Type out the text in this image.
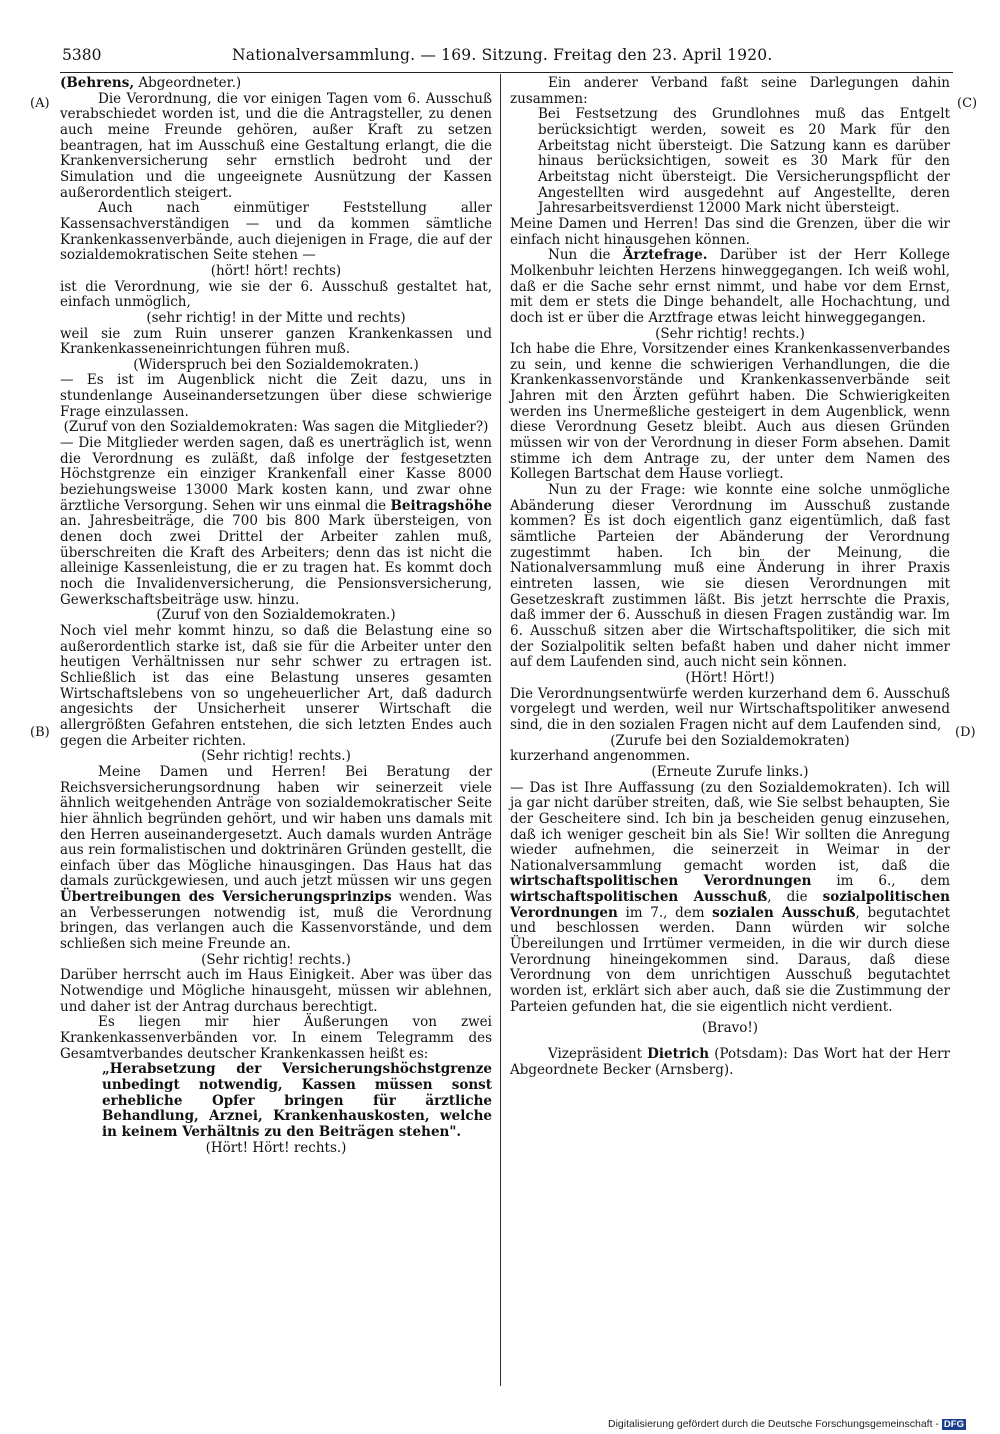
5380	Nationalversammlung. — 169. Sitzung. Freitag den 23. April 1920.
(A)
(B)
(C)
(D)

(Behrens, Abgeordneter.)

Die Verordnung, die vor einigen Tagen vom 6. Ausschuß verabschiedet worden ist, und die die Antragsteller, zu denen auch meine Freunde gehören, außer Kraft zu setzen beantragen, hat im Ausschuß eine Gestaltung erlangt, die die Krankenversicherung sehr ernstlich bedroht und der Simulation und die ungeeignete Ausnützung der Kassen außerordentlich steigert.

Auch nach einmütiger Feststellung aller Kassensachverständigen — und da kommen sämtliche Krankenkassenverbände, auch diejenigen in Frage, die auf der sozialdemokratischen Seite stehen —

(hört! hört! rechts)

ist die Verordnung, wie sie der 6. Ausschuß gestaltet hat, einfach unmöglich,

(sehr richtig! in der Mitte und rechts)

weil sie zum Ruin unserer ganzen Krankenkassen und Krankenkasseneinrichtungen führen muß.

(Widerspruch bei den Sozialdemokraten.)

— Es ist im Augenblick nicht die Zeit dazu, uns in stundenlange Auseinandersetzungen über diese schwierige Frage einzulassen.

(Zuruf von den Sozialdemokraten: Was sagen die Mitglieder?)

— Die Mitglieder werden sagen, daß es unerträglich ist, wenn die Verordnung es zuläßt, daß infolge der festgesetzten Höchstgrenze ein einziger Krankenfall einer Kasse 8000 beziehungsweise 13000 Mark kosten kann, und zwar ohne ärztliche Versorgung. Sehen wir uns einmal die Beitragshöhe an. Jahresbeiträge, die 700 bis 800 Mark übersteigen, von denen doch zwei Drittel der Arbeiter zahlen muß, überschreiten die Kraft des Arbeiters; denn das ist nicht die alleinige Kassenleistung, die er zu tragen hat. Es kommt doch noch die Invalidenversicherung, die Pensionsversicherung, Gewerkschaftsbeiträge usw. hinzu.

(Zuruf von den Sozialdemokraten.)

Noch viel mehr kommt hinzu, so daß die Belastung eine so außerordentlich starke ist, daß sie für die Arbeiter unter den heutigen Verhältnissen nur sehr schwer zu ertragen ist. Schließlich ist das eine Belastung unseres gesamten Wirtschaftslebens von so ungeheuerlicher Art, daß dadurch angesichts der Unsicherheit unserer Wirtschaft die allergrößten Gefahren entstehen, die sich letzten Endes auch gegen die Arbeiter richten.

(Sehr richtig! rechts.)

Meine Damen und Herren! Bei Beratung der Reichsversicherungsordnung haben wir seinerzeit viele ähnlich weitgehenden Anträge von sozialdemokratischer Seite hier ähnlich begründen gehört, und wir haben uns damals mit den Herren auseinandergesetzt. Auch damals wurden Anträge aus rein formalistischen und doktrinären Gründen gestellt, die einfach über das Mögliche hinausgingen. Das Haus hat das damals zurückgewiesen, und auch jetzt müssen wir uns gegen Übertreibungen des Versicherungsprinzips wenden. Was an Verbesserungen notwendig ist, muß die Verordnung bringen, das verlangen auch die Kassenvorstände, und dem schließen sich meine Freunde an.

(Sehr richtig! rechts.)

Darüber herrscht auch im Haus Einigkeit. Aber was über das Notwendige und Mögliche hinausgeht, müssen wir ablehnen, und daher ist der Antrag durchaus berechtigt.

Es liegen mir hier Äußerungen von zwei Krankenkassenverbänden vor. In einem Telegramm des Gesamtverbandes deutscher Krankenkassen heißt es:

„Herabsetzung der Versicherungshöchstgrenze unbedingt notwendig, Kassen müssen sonst erhebliche Opfer bringen für ärztliche Behandlung, Arznei, Krankenhauskosten, welche in keinem Verhältnis zu den Beiträgen stehen".

(Hört! Hört! rechts.)

Ein anderer Verband faßt seine Darlegungen dahin zusammen:

Bei Festsetzung des Grundlohnes muß das Entgelt berücksichtigt werden, soweit es 20 Mark für den Arbeitstag nicht übersteigt. Die Satzung kann es darüber hinaus berücksichtigen, soweit es 30 Mark für den Arbeitstag nicht übersteigt. Die Versicherungspflicht der Angestellten wird ausgedehnt auf Angestellte, deren Jahresarbeitsverdienst 12000 Mark nicht übersteigt.

Meine Damen und Herren! Das sind die Grenzen, über die wir einfach nicht hinausgehen können.

Nun die Ärztefrage. Darüber ist der Herr Kollege Molkenbuhr leichten Herzens hinweggegangen. Ich weiß wohl, daß er die Sache sehr ernst nimmt, und habe vor dem Ernst, mit dem er stets die Dinge behandelt, alle Hochachtung, und doch ist er über die Arztfrage etwas leicht hinweggegangen.

(Sehr richtig! rechts.)

Ich habe die Ehre, Vorsitzender eines Krankenkassenverbandes zu sein, und kenne die schwierigen Verhandlungen, die die Krankenkassenvorstände und Krankenkassenverbände seit Jahren mit den Ärzten geführt haben. Die Schwierigkeiten werden ins Unermeßliche gesteigert in dem Augenblick, wenn diese Verordnung Gesetz bleibt. Auch aus diesen Gründen müssen wir von der Verordnung in dieser Form absehen. Damit stimme ich dem Antrage zu, der unter dem Namen des Kollegen Bartschat dem Hause vorliegt.

Nun zu der Frage: wie konnte eine solche unmögliche Abänderung dieser Verordnung im Ausschuß zustande kommen? Es ist doch eigentlich ganz eigentümlich, daß fast sämtliche Parteien der Abänderung der Verordnung zugestimmt haben. Ich bin der Meinung, die Nationalversammlung muß eine Änderung in ihrer Praxis eintreten lassen, wie sie diesen Verordnungen mit Gesetzeskraft zustimmen läßt. Bis jetzt herrschte die Praxis, daß immer der 6. Ausschuß in diesen Fragen zuständig war. Im 6. Ausschuß sitzen aber die Wirtschaftspolitiker, die sich mit der Sozialpolitik selten befaßt haben und daher nicht immer auf dem Laufenden sind, auch nicht sein können.

(Hört! Hört!)

Die Verordnungsentwürfe werden kurzerhand dem 6. Ausschuß vorgelegt und werden, weil nur Wirtschaftspolitiker anwesend sind, die in den sozialen Fragen nicht auf dem Laufenden sind,

(Zurufe bei den Sozialdemokraten)

kurzerhand angenommen.

(Erneute Zurufe links.)

— Das ist Ihre Auffassung (zu den Sozialdemokraten). Ich will ja gar nicht darüber streiten, daß, wie Sie selbst behaupten, Sie der Gescheitere sind. Ich bin ja bescheiden genug einzusehen, daß ich weniger gescheit bin als Sie! Wir sollten die Anregung wieder aufnehmen, die seinerzeit in Weimar in der Nationalversammlung gemacht worden ist, daß die wirtschaftspolitischen Verordnungen im 6., dem wirtschaftspolitischen Ausschuß, die sozialpolitischen Verordnungen im 7., dem sozialen Ausschuß, begutachtet und beschlossen werden. Dann würden wir solche Übereilungen und Irrtümer vermeiden, in die wir durch diese Verordnung hineingekommen sind. Daraus, daß diese Verordnung von dem unrichtigen Ausschuß begutachtet worden ist, erklärt sich aber auch, daß sie die Zustimmung der Parteien gefunden hat, die sie eigentlich nicht verdient.

(Bravo!)

Vizepräsident Dietrich (Potsdam): Das Wort hat der Herr Abgeordnete Becker (Arnsberg).

Digitalisierung gefördert durch die Deutsche Forschungsgemeinschaft - DFG
